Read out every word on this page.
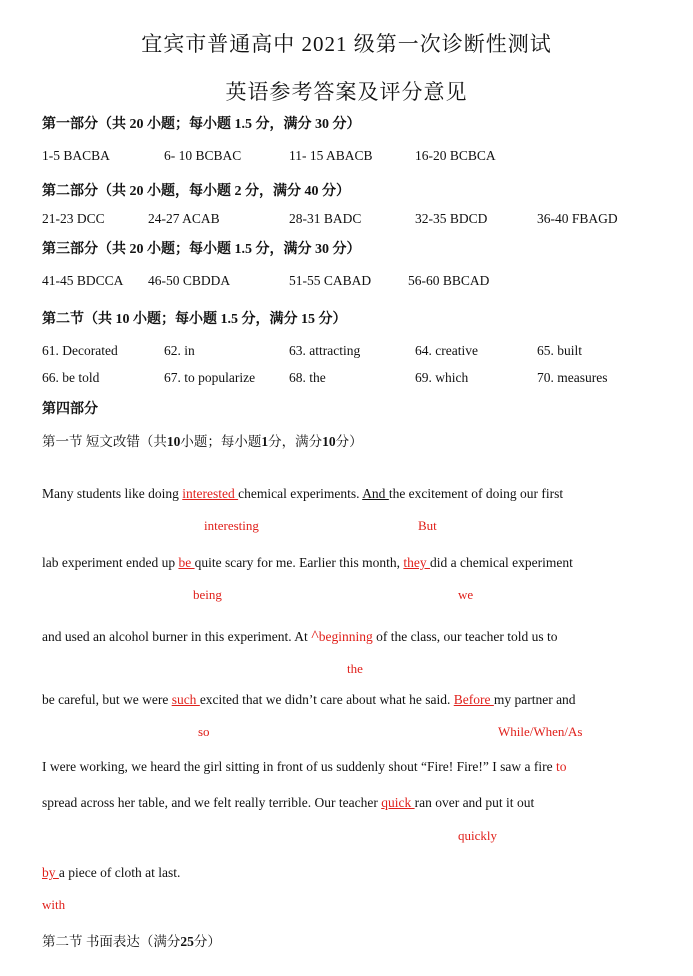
宜宾市普通高中 2021 级第一次诊断性测试
英语参考答案及评分意见
第一部分（共 20 小题；每小题 1.5 分，满分 30 分）
1-5 BACBA	6- 10 BCBAC	11- 15 ABACB	16-20 BCBCA
第二部分（共 20 小题，每小题 2 分，满分 40 分）
21-23 DCC	24-27 ACAB	28-31 BADC	32-35 BDCD	36-40 FBAGD
第三部分（共 20 小题；每小题 1.5 分，满分 30 分）
41-45 BDCCA 46-50 CBDDA	51-55 CABAD	56-60 BBCAD
第二节（共 10 小题；每小题 1.5 分，满分 15 分）
61. Decorated	62. in	63. attracting	64. creative	65. built
66. be told	67. to popularize	68. the	69. which	70. measures
第四部分
第一节 短文改错（共10小题；每小题1分，满分10分）
Many students like doing interested chemical experiments. And the excitement of doing our first
interesting	But
lab experiment ended up be quite scary for me. Earlier this month, they did a chemical experiment
being	we
and used an alcohol burner in this experiment. At ^beginning of the class, our teacher told us to
the
be careful, but we were such excited that we didn’t care about what he said. Before my partner and
so	While/When/As
I were working, we heard the girl sitting in front of us suddenly shout “Fire! Fire!” I saw a fire to
spread across her table, and we felt really terrible. Our teacher quick ran over and put it out
quickly
by a piece of cloth at last.
with
第二节 书面表达（满分25分）
